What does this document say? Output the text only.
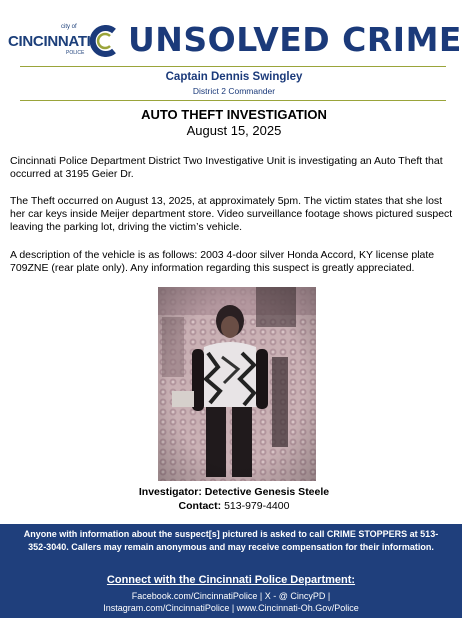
city of
CINCINNATI
POLICE UNSOLVED CRIME
Captain Dennis Swingley
District 2 Commander
AUTO THEFT INVESTIGATION
August 15, 2025

Cincinnati Police Department District Two Investigative Unit is investigating an Auto Theft that occurred at 3195 Geier Dr.

The Theft occurred on August 13, 2025, at approximately 5pm. The victim states that she lost her car keys inside Meijer department store. Video surveillance footage shows pictured suspect leaving the parking lot, driving the victim’s vehicle.

A description of the vehicle is as follows: 2003 4-door silver Honda Accord, KY license plate 709ZNE (rear plate only). Any information regarding this suspect is greatly appreciated.

Investigator: Detective Genesis Steele
Contact: 513-979-4400
Anyone with information about the suspect[s] pictured is asked to call CRIME STOPPERS at 513-352-3040. Callers may remain anonymous and may receive compensation for their information.
Connect with the Cincinnati Police Department:
Facebook.com/CincinnatiPolice | X - @ CincyPD |
Instagram.com/CincinnatiPolice | www.Cincinnati-Oh.Gov/Police
